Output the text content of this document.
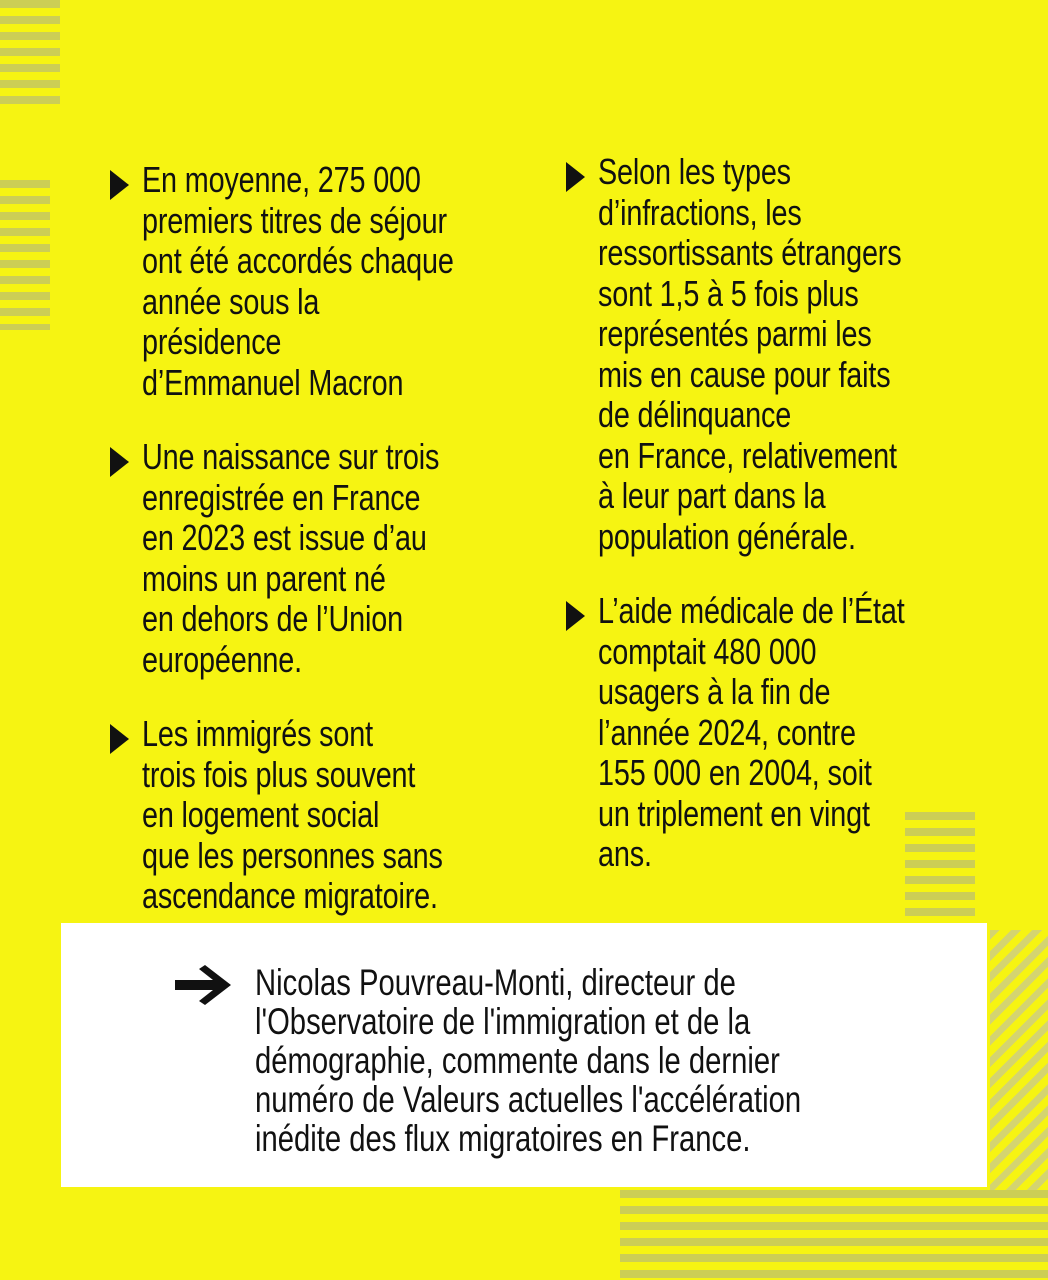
En moyenne, 275 000
premiers titres de séjour
ont été accordés chaque
année sous la présidence
d’Emmanuel Macron
Une naissance sur trois
enregistrée en France
en 2023 est issue d’au
moins un parent né
en dehors de l’Union
européenne.
Les immigrés sont
trois fois plus souvent
en logement social
que les personnes sans
ascendance migratoire.
Selon les types
d’infractions, les
ressortissants étrangers
sont 1,5 à 5 fois plus
représentés parmi les
mis en cause pour faits
de délinquance
en France, relativement
à leur part dans la
population générale.
L’aide médicale de l’État
comptait 480 000
usagers à la fin de
l’année 2024, contre
155 000 en 2004, soit
un triplement en vingt
ans.
Nicolas Pouvreau-Monti, directeur de
l'Observatoire de l'immigration et de la
démographie, commente dans le dernier
numéro de Valeurs actuelles l'accélération
inédite des flux migratoires en France.
